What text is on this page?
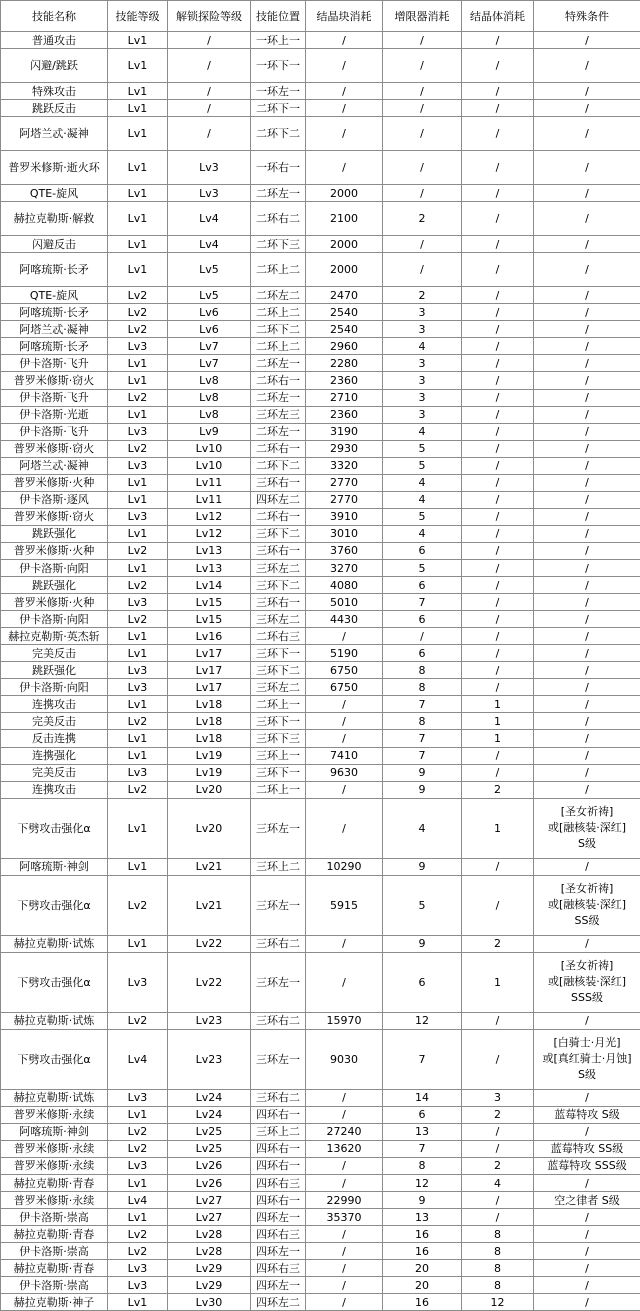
技能名称	技能等级	解锁探险等级	技能位置	结晶块消耗	增限器消耗	结晶体消耗	特殊条件
普通攻击	Lv1	/	一环上一	/	/	/	/
闪避/跳跃	Lv1	/	一环下一	/	/	/	/
特殊攻击	Lv1	/	一环左一	/	/	/	/
跳跃反击	Lv1	/	二环下一	/	/	/	/
阿塔兰忒·凝神	Lv1	/	二环下二	/	/	/	/
普罗米修斯·逝火环	Lv1	Lv3	一环右一	/	/	/	/
QTE-旋风	Lv1	Lv3	二环左一	2000	/	/	/
赫拉克勒斯·解救	Lv1	Lv4	二环右二	2100	2	/	/
闪避反击	Lv1	Lv4	二环下三	2000	/	/	/
阿喀琉斯·长矛	Lv1	Lv5	二环上二	2000	/	/	/
QTE-旋风	Lv2	Lv5	二环左二	2470	2	/	/
阿喀琉斯·长矛	Lv2	Lv6	二环上二	2540	3	/	/
阿塔兰忒·凝神	Lv2	Lv6	二环下二	2540	3	/	/
阿喀琉斯·长矛	Lv3	Lv7	二环上二	2960	4	/	/
伊卡洛斯·飞升	Lv1	Lv7	二环左一	2280	3	/	/
普罗米修斯·窃火	Lv1	Lv8	二环右一	2360	3	/	/
伊卡洛斯·飞升	Lv2	Lv8	二环左一	2710	3	/	/
伊卡洛斯·光逝	Lv1	Lv8	三环左三	2360	3	/	/
伊卡洛斯·飞升	Lv3	Lv9	二环左一	3190	4	/	/
普罗米修斯·窃火	Lv2	Lv10	二环右一	2930	5	/	/
阿塔兰忒·凝神	Lv3	Lv10	二环下二	3320	5	/	/
普罗米修斯·火种	Lv1	Lv11	三环右一	2770	4	/	/
伊卡洛斯·逐风	Lv1	Lv11	四环左二	2770	4	/	/
普罗米修斯·窃火	Lv3	Lv12	二环右一	3910	5	/	/
跳跃强化	Lv1	Lv12	三环下二	3010	4	/	/
普罗米修斯·火种	Lv2	Lv13	三环右一	3760	6	/	/
伊卡洛斯·向阳	Lv1	Lv13	三环左二	3270	5	/	/
跳跃强化	Lv2	Lv14	三环下二	4080	6	/	/
普罗米修斯·火种	Lv3	Lv15	三环右一	5010	7	/	/
伊卡洛斯·向阳	Lv2	Lv15	三环左二	4430	6	/	/
赫拉克勒斯·英杰斩	Lv1	Lv16	二环右三	/	/	/	/
完美反击	Lv1	Lv17	三环下一	5190	6	/	/
跳跃强化	Lv3	Lv17	三环下二	6750	8	/	/
伊卡洛斯·向阳	Lv3	Lv17	三环左二	6750	8	/	/
连携攻击	Lv1	Lv18	二环上一	/	7	1	/
完美反击	Lv2	Lv18	三环下一	/	8	1	/
反击连携	Lv1	Lv18	三环下三	/	7	1	/
连携强化	Lv1	Lv19	三环上一	7410	7	/	/
完美反击	Lv3	Lv19	三环下一	9630	9	/	/
连携攻击	Lv2	Lv20	二环上一	/	9	2	/
下劈攻击强化α	Lv1	Lv20	三环左一	/	4	1	[圣女祈祷]
或[融核装·深红]
S级
阿喀琉斯·神剑	Lv1	Lv21	三环上二	10290	9	/	/
下劈攻击强化α	Lv2	Lv21	三环左一	5915	5	/	[圣女祈祷]
或[融核装·深红]
SS级
赫拉克勒斯·试炼	Lv1	Lv22	三环右二	/	9	2	/
下劈攻击强化α	Lv3	Lv22	三环左一	/	6	1	[圣女祈祷]
或[融核装·深红]
SSS级
赫拉克勒斯·试炼	Lv2	Lv23	三环右二	15970	12	/	/
下劈攻击强化α	Lv4	Lv23	三环左一	9030	7	/	[白骑士·月光]
或[真红骑士·月蚀]
S级
赫拉克勒斯·试炼	Lv3	Lv24	三环右二	/	14	3	/
普罗米修斯·永续	Lv1	Lv24	四环右一	/	6	2	蓝莓特攻 S级
阿喀琉斯·神剑	Lv2	Lv25	三环上二	27240	13	/	/
普罗米修斯·永续	Lv2	Lv25	四环右一	13620	7	/	蓝莓特攻 SS级
普罗米修斯·永续	Lv3	Lv26	四环右一	/	8	2	蓝莓特攻 SSS级
赫拉克勒斯·青春	Lv1	Lv26	四环右三	/	12	4	/
普罗米修斯·永续	Lv4	Lv27	四环右一	22990	9	/	空之律者 S级
伊卡洛斯·崇高	Lv1	Lv27	四环左一	35370	13	/	/
赫拉克勒斯·青春	Lv2	Lv28	四环右三	/	16	8	/
伊卡洛斯·崇高	Lv2	Lv28	四环左一	/	16	8	/
赫拉克勒斯·青春	Lv3	Lv29	四环右三	/	20	8	/
伊卡洛斯·崇高	Lv3	Lv29	四环左一	/	20	8	/
赫拉克勒斯·神子	Lv1	Lv30	四环左二	/	16	12	/
